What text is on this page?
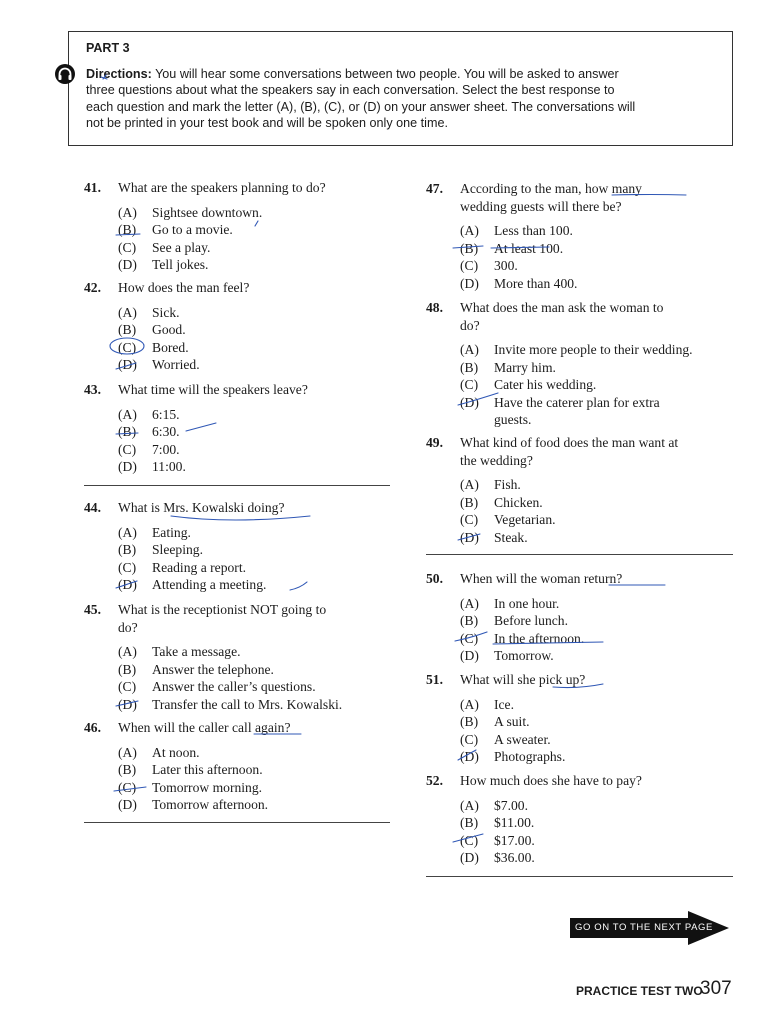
PART 3
Directions: You will hear some conversations between two people. You will be asked to answer
three questions about what the speakers say in each conversation. Select the best response to
each question and mark the letter (A), (B), (C), or (D) on your answer sheet. The conversations will
not be printed in your test book and will be spoken only one time.
41. What are the speakers planning to do?
(A) Sightsee downtown.
(B) Go to a movie.
(C) See a play.
(D) Tell jokes.
42. How does the man feel?
(A) Sick.
(B) Good.
(C) Bored.
(D) Worried.
43. What time will the speakers leave?
(A) 6:15.
(B) 6:30.
(C) 7:00.
(D) 11:00.
44. What is Mrs. Kowalski doing?
(A) Eating.
(B) Sleeping.
(C) Reading a report.
(D) Attending a meeting.
45. What is the receptionist NOT going to
do?
(A) Take a message.
(B) Answer the telephone.
(C) Answer the caller’s questions.
(D) Transfer the call to Mrs. Kowalski.
46. When will the caller call again?
(A) At noon.
(B) Later this afternoon.
(C) Tomorrow morning.
(D) Tomorrow afternoon.
47. According to the man, how many
wedding guests will there be?
(A) Less than 100.
(B) At least 100.
(C) 300.
(D) More than 400.
48. What does the man ask the woman to
do?
(A) Invite more people to their wedding.
(B) Marry him.
(C) Cater his wedding.
(D) Have the caterer plan for extra
guests.
49. What kind of food does the man want at
the wedding?
(A) Fish.
(B) Chicken.
(C) Vegetarian.
(D) Steak.
50. When will the woman return?
(A) In one hour.
(B) Before lunch.
(C) In the afternoon.
(D) Tomorrow.
51. What will she pick up?
(A) Ice.
(B) A suit.
(C) A sweater.
(D) Photographs.
52. How much does she have to pay?
(A) $7.00.
(B) $11.00.
(C) $17.00.
(D) $36.00.
GO ON TO THE NEXT PAGE
PRACTICE TEST TWO
307
